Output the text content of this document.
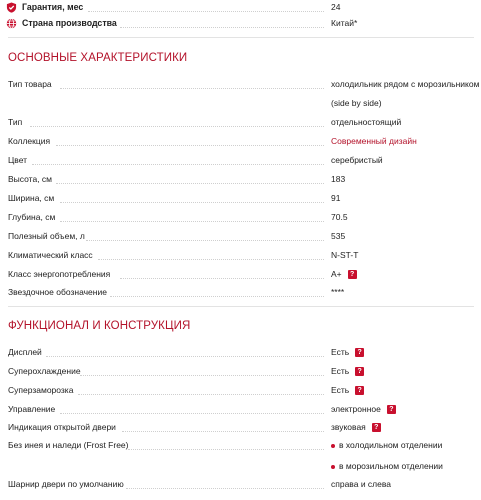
Гарантия, мес	24
Страна производства	Китай*
ОСНОВНЫЕ ХАРАКТЕРИСТИКИ
Тип товара	холодильник рядом с морозильником
(side by side)
Тип	отдельностоящий
Коллекция	Современный дизайн
Цвет	серебристый
Высота, см	183
Ширина, см	91
Глубина, см	70.5
Полезный объем, л	535
Климатический класс	N-ST-T
Класс энергопотребления	A+	?
Звездочное обозначение	****
ФУНКЦИОНАЛ И КОНСТРУКЦИЯ
Дисплей	Есть	?
Суперохлаждение	Есть	?
Суперзаморозка	Есть	?
Управление	электронное	?
Индикация открытой двери	звуковая	?
Без инея и наледи (Frost Free)	в холодильном отделении
в морозильном отделении
Шарнир двери по умолчанию	справа и слева
